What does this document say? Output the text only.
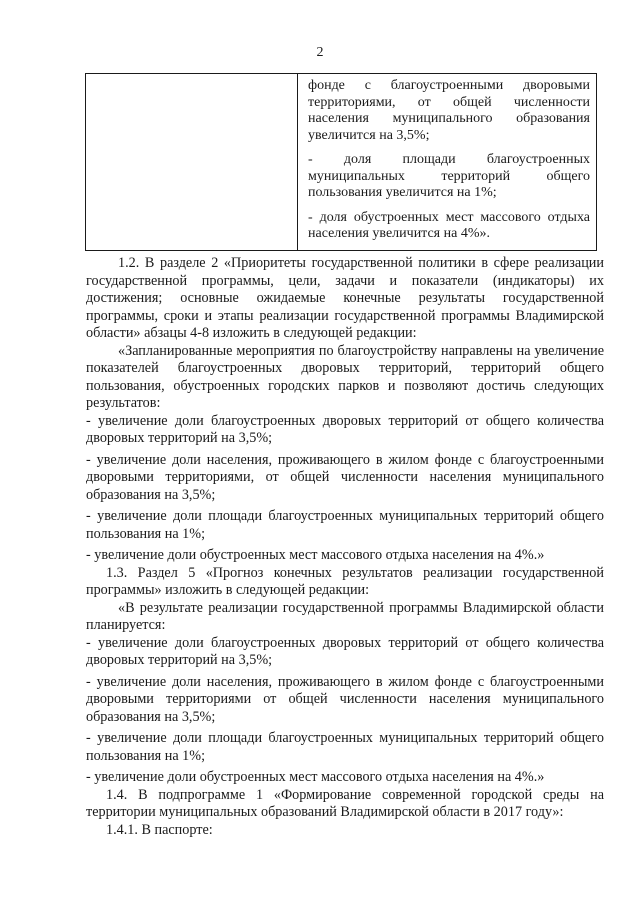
2

фонде с благоустроенными дворовыми территориями, от общей численности населения муниципального образования увеличится на 3,5%;

- доля площади благоустроенных муниципальных территорий общего пользования увеличится на 1%;

- доля обустроенных мест массового отдыха населения увеличится на 4%».

1.2. В разделе 2 «Приоритеты государственной политики в сфере реализации государственной программы, цели, задачи и показатели (индикаторы) их достижения; основные ожидаемые конечные результаты государственной программы, сроки и этапы реализации государственной программы Владимирской области» абзацы 4-8 изложить в следующей редакции:

«Запланированные мероприятия по благоустройству направлены на увеличение показателей благоустроенных дворовых территорий, территорий общего пользования, обустроенных городских парков и позволяют достичь следующих результатов:

- увеличение доли благоустроенных дворовых территорий от общего количества дворовых территорий на 3,5%;

- увеличение доли населения, проживающего в жилом фонде с благоустроенными дворовыми территориями, от общей численности населения муниципального образования на 3,5%;

- увеличение доли площади благоустроенных муниципальных территорий общего пользования на 1%;

- увеличение доли обустроенных мест массового отдыха населения на 4%.»

1.3. Раздел 5 «Прогноз конечных результатов реализации государственной программы» изложить в следующей редакции:

«В результате реализации государственной программы Владимирской области планируется:

- увеличение доли благоустроенных дворовых территорий от общего количества дворовых территорий на 3,5%;

- увеличение доли населения, проживающего в жилом фонде с благоустроенными дворовыми территориями от общей численности населения муниципального образования на 3,5%;

- увеличение доли площади благоустроенных муниципальных территорий общего пользования на 1%;

- увеличение доли обустроенных мест массового отдыха населения на 4%.»

1.4. В подпрограмме 1 «Формирование современной городской среды на территории муниципальных образований Владимирской области в 2017 году»:

1.4.1. В паспорте:
